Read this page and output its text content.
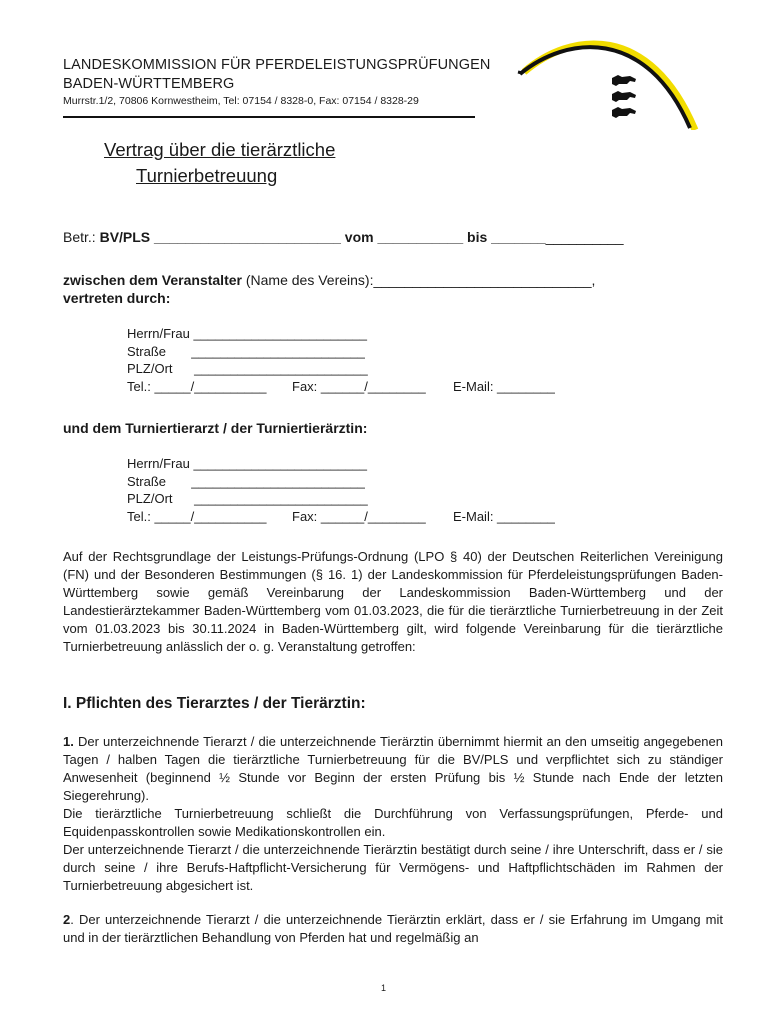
LANDESKOMMISSION FÜR PFERDELEISTUNGSPRÜFUNGEN
BADEN-WÜRTTEMBERG
Murrstr.1/2, 70806 Kornwestheim, Tel: 07154 / 8328-0, Fax: 07154 / 8328-29
Vertrag über die tierärztliche
Turnierbetreuung
Betr.: BV/PLS ________________________ vom ___________ bis _________________
zwischen dem Veranstalter (Name des Vereins):____________________________,
vertreten durch:
Herrn/Frau ________________________
Straße       ________________________
PLZ/Ort      ________________________
Tel.: _____/__________ Fax: ______/________ E-Mail: ________
und dem Turniertierarzt / der Turniertierärztin:
Herrn/Frau ________________________
Straße       ________________________
PLZ/Ort      ________________________
Tel.: _____/__________ Fax: ______/________ E-Mail: ________
Auf der Rechtsgrundlage der Leistungs-Prüfungs-Ordnung (LPO § 40) der Deutschen Reiterlichen Vereinigung (FN) und der Besonderen Bestimmungen (§ 16. 1) der Landeskommission für Pferdeleistungsprüfungen Baden-Württemberg sowie gemäß Vereinbarung der Landeskommission Baden-Württemberg und der Landestierärztekammer Baden-Württemberg vom 01.03.2023, die für die tierärztliche Turnierbetreuung in der Zeit vom 01.03.2023 bis 30.11.2024 in Baden-Württemberg gilt, wird folgende Vereinbarung für die tierärztliche Turnierbetreuung anlässlich der o. g. Veranstaltung getroffen:
I. Pflichten des Tierarztes / der Tierärztin:
1. Der unterzeichnende Tierarzt / die unterzeichnende Tierärztin übernimmt hiermit an den umseitig angegebenen Tagen / halben Tagen die tierärztliche Turnierbetreuung für die BV/PLS und verpflichtet sich zu ständiger Anwesenheit (beginnend ½ Stunde vor Beginn der ersten Prüfung bis ½ Stunde nach Ende der letzten Siegerehrung).
Die tierärztliche Turnierbetreuung schließt die Durchführung von Verfassungsprüfungen, Pferde- und Equidenpasskontrollen sowie Medikationskontrollen ein.
Der unterzeichnende Tierarzt / die unterzeichnende Tierärztin bestätigt durch seine / ihre Unterschrift, dass er / sie durch seine / ihre Berufs-Haftpflicht-Versicherung für Vermögens- und Haftpflichtschäden im Rahmen der Turnierbetreuung abgesichert ist.
2. Der unterzeichnende Tierarzt / die unterzeichnende Tierärztin erklärt, dass er / sie Erfahrung im Umgang mit und in der tierärztlichen Behandlung von Pferden hat und regelmäßig an
1
